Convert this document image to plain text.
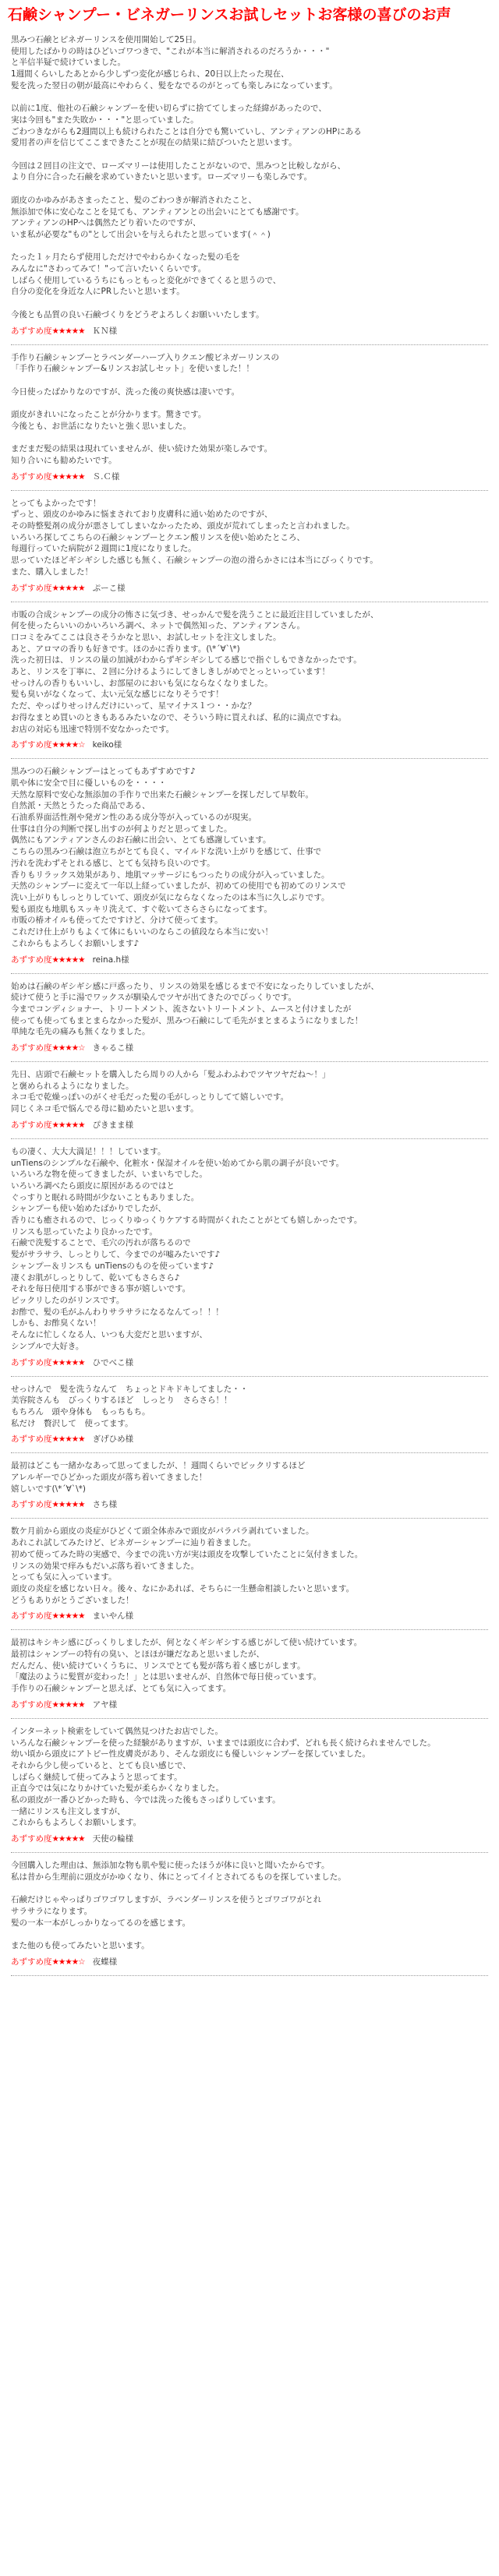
石鹸シャンプー・ビネガーリンスお試しセットお客様の喜びのお声

黒みつ石鹸とピネガーリンスを使用開始して25日。
使用したばかりの時はひどいゴワつきで、"これが本当に解消されるのだろうか・・・"
と半信半疑で続けていました。
1週間くらいしたあとから少しずつ変化が感じられ、20日以上たった現在、
髪を洗った翌日の朝が最高にやわらく、髪をなでるのがとっても楽しみになっています。

以前に1度、他社の石鹸シャンプーを使い切らずに捨ててしまった経緯があったので、
実は今回も"また失敗か・・・"と思っていました。
ごわつきながらも2週間以上も続けられたことは自分でも驚いていし、アンティアンのHPにある
愛用者の声を信じてここまできたことが現在の結果に結びついたと思います。

今回は２回目の注文で、ローズマリーは使用したことがないので、黒みつと比較しながら、
より自分に合った石鹸を求めていきたいと思います。ローズマリーも楽しみです。

頭皮のかゆみがあさまったこと、髪のごわつきが解消されたこと、
無添加で体に安心なことを見ても、アンティアンとの出会いにとても感謝です。
アンティアンのHPへは偶然たどり着いたのですが、
いま私が必要な"もの"として出会いを与えられたと思っています(＾＾)

たった１ヶ月たらず使用しただけでやわらかくなった髪の毛を
みんなに"さわってみて！"って言いたいくらいです。
しばらく使用しているうちにもっともっと変化ができてくると思うので、
自分の変化を身近な人にPRしたいと思います。

今後とも品質の良い石鹸づくりをどうぞよろしくお願いいたします。

あずすめ度★★★★★ ＫＮ様

手作り石鹸シャンプーとラベンダーハーブ入りクエン酸ビネガーリンスの
「手作り石鹸シャンプー&リンスお試しセット」を使いました！！

今日使ったばかりなのですが、洗った後の爽快感は凄いです。

頭皮がきれいになったことが分かります。驚きです。
今後とも、お世話になりたいと強く思いました。

まだまだ髪の結果は現れていませんが、使い続けた効果が楽しみです。
知り合いにも勧めたいです。

あずすめ度★★★★★ Ｓ.Ｃ様

とってもよかったです！
ずっと、頭皮のかゆみに悩まされており皮膚科に通い始めたのですが、
その時整髪剤の成分が悪さしてしまいなかったため、頭皮が荒れてしまったと言われました。
いろいろ探してこちらの石鹸シャンプーとクエン酸リンスを使い始めたところ、
每週行っていた病院が２週間に1度になりました。
思っていたほどギシギシした感じも無く、石鹸シャンプーの泡の滑らかさには本当にびっくりです。
また、購入しました！

あずすめ度★★★★★ ぷーこ様

市販の合成シャンプーの成分の怖さに気づき、せっかんで髪を洗うことに最近注目していましたが、
何を使ったらいいのかいろいろ調べ、ネットで偶然知った、アンティアンさん。
口コミをみてここは良さそうかなと思い、お試しセットを注文しました。
あと、アロマの香りも好きです。ほのかに香ります。(\*´∀`\*)
洗った初日は、リンスの量の加減がわからずギシギシしてる感じで指ぐしもできなかったです。
あと、リンスを丁寧に、２回に分けるようにしてきしきしがめでとっといっています！
せっけんの香りもいいし、お部屋のにおいも気にならなくなりました。
髪も臭いがなくなって、太い元気な感じになりそうです！
ただ、やっぱりせっけんだけにいって、星マイナス１つ・・かな？
お得なまとめ買いのときもあるみたいなので、そういう時に買えれば、私的に満点ですね。
お店の対応も迅速で特別不安なかったです。

あずすめ度★★★★☆ keiko様

黒みつの石鹸シャンプーはとってもあずすめです♪
肌や体に安全で目に優しいものを・・・・
天然な原料で安心な無添加の手作りで出来た石鹸シャンプーを探しだして早数年。
自然派・天然とうたった商品である、
石油系界面活性剤や発ガン性のある成分等が入っているのが現実。
仕事は自分の判断で探し出すのが何よりだと思ってました。
偶然にもアンティアンさんのお石鹸に出会い、とても感謝しています。
こちらの黒みつ石鹸は泡立ちがとても良く、マイルドな洗い上がりを感じて、仕事で
汚れを洗わずそとれる感じ、とても気持ち良いのです。
香りもリラックス効果があり、地肌マッサージにもつったりの成分が入っていました。
天然のシャンプーに変えて一年以上経っていましたが、初めての使用でも初めてのリンスで
洗い上がりもしっとりしていて、頭皮が気にならなくなったのは本当に久しぶりです。
髪も頭皮も地肌もスッキリ洗えて、すぐ乾いてさらさらになってます。
市販の椿オイルも使ってたですけど、分けて使ってます。
これだけ仕上がりもよくて体にもいいのならこの値段なら本当に安い！
これからもよろしくお願いします♪

あずすめ度★★★★★ reina.h様

始めは石鹸のギシギシ感に戸惑ったり、リンスの効果を感じるまで不安になったりしていましたが、
続けて使うと手に湯でワックスが馴染んでツヤが出てきたのでびっくりです。
今までコンディショナー、トリートメント、流さないトリートメント、ムースと付けましたが
使っても使ってもまとまらなかった髪が、黒みつ石鹸にして毛先がまとまるようになりました！
単純な毛先の痛みも無くなりました。

あずすめ度★★★★☆ きゃるこ様

先日、店頭で石鹸セットを購入したら周りの人から「髪ふわふわでツヤツヤだね～！」
と褒められるようになりました。
ネコ毛で乾燥っぽいのがくせ毛だった髪の毛がしっとりしてて嬉しいです。
同じくネコ毛で悩んでる母に勧めたいと思います。

あずすめ度★★★★★ ぴきまま様

もの凄く、大大大満足！！！しています。
unTiensのシンプルな石鹸や、化粧水・保湿オイルを使い始めてから肌の調子が良いです。
いろいろな物を使ってきましたが、いまいちでした。
いろいろ調べたら頭皮に原因があるのではと
ぐっすりと眠れる時間が少ないこともありました。
シャンプーも使い始めたばかりでしたが、
香りにも癒されるので、じっくりゆっくりケアする時間がくれたことがとても嬉しかったです。
リンスも思っていたより良かったです。
石鹸で洗髪することで、毛穴の汚れが落ちるので
髪がサラサラ、しっとりして、今までのが嘘みたいです♪
シャンプー＆リンスも unTiensのものを使っています♪
凄くお肌がしっとりして、乾いてもさらさら♪
それを毎日使用する事ができる事が嬉しいです。
ピックリしたのがリンスです。
お酢で、髪の毛がふんわりサラサラになるなんてっ！！！
しかも、お酢臭くない！
そんなに忙しくなる人、いつも大変だと思いますが、
シンプルで大好き。

あずすめ度★★★★★ ひでべこ様

せっけんで　髪を洗うなんて　ちょっとドキドキしてました・・
美容院さんも　びっくりするほど　しっとり　さらさら！！
もちろん　頭や身体も　もっちもち。
私だけ　贅沢して　使ってます。

あずすめ度★★★★★ ぎげひめ様

最初はどこも一緒かなあって思ってましたが、！週間くらいでピックリするほど
アレルギーでひどかった頭皮が落ち着いてきました！
嬉しいです(\*´∀`\*)

あずすめ度★★★★★ さち様

数ケ月前から頭皮の炎症がひどくて頭全体赤みで頭皮がパラパラ剥れていました。
あれこれ試してみたけど、ビネガーシャンプーに辿り着きました。
初めて使ってみた時の実感で、今までの洗い方が実は頭皮を攻撃していたことに気付きました。
リンスの効果で痒みもだいぶ落ち着いてきました。
とっても気に入っています。
頭皮の炎症を感じない日々。後々、なにかあれば、そちらに一生懸命相談したいと思います。
どうもありがとうございました！

あずすめ度★★★★★ まいやん様

最初はキシキシ感にびっくりしましたが、何となくギシギシする感じがして使い続けています。
最初はシャンプーの特有の臭い、とほほが嫌だなあと思いましたが、
だんだん、使い続けていくうちに、リンスでとても髪が落ち着く感じがします。
「魔法のように髪質が変わった！」とは思いませんが、自然体で毎日使っています。
手作りの石鹸シャンプーと思えば、とても気に入ってます。

あずすめ度★★★★★ アヤ様

インターネット検索をしていて偶然見つけたお店でした。
いろんな石鹸シャンプーを使った経験がありますが、いままでは頭皮に合わず、どれも長く続けられませんでした。
幼い頃から頭皮にアトピー性皮膚炎があり、そんな頭皮にも優しいシャンプーを探していました。
それから少し使っていると、とても良い感じで、
しばらく継続して使ってみようと思ってます。
正直今では気になりかけていた髪が柔らかくなりました。
私の頭皮が一番ひどかった時も、今では洗った後もさっぱりしています。
一緒にリンスも注文しますが、
これからもよろしくお願いします。

あずすめ度★★★★★ 天使の輪様

今回購入した理由は、無添加な物も肌や髪に使ったほうが体に良いと聞いたからです。
私は昔から生理前に頭皮がかゆくなり、体にとってイイとされてるものを探していました。

石鹸だけじゃやっぱりゴワゴワしますが、ラベンダーリンスを使うとゴワゴワがとれ
サラサラになります。
髪の一本一本がしっかりなってるのを感じます。

また他のも使ってみたいと思います。

あずすめ度★★★★☆ 夜蝶様
